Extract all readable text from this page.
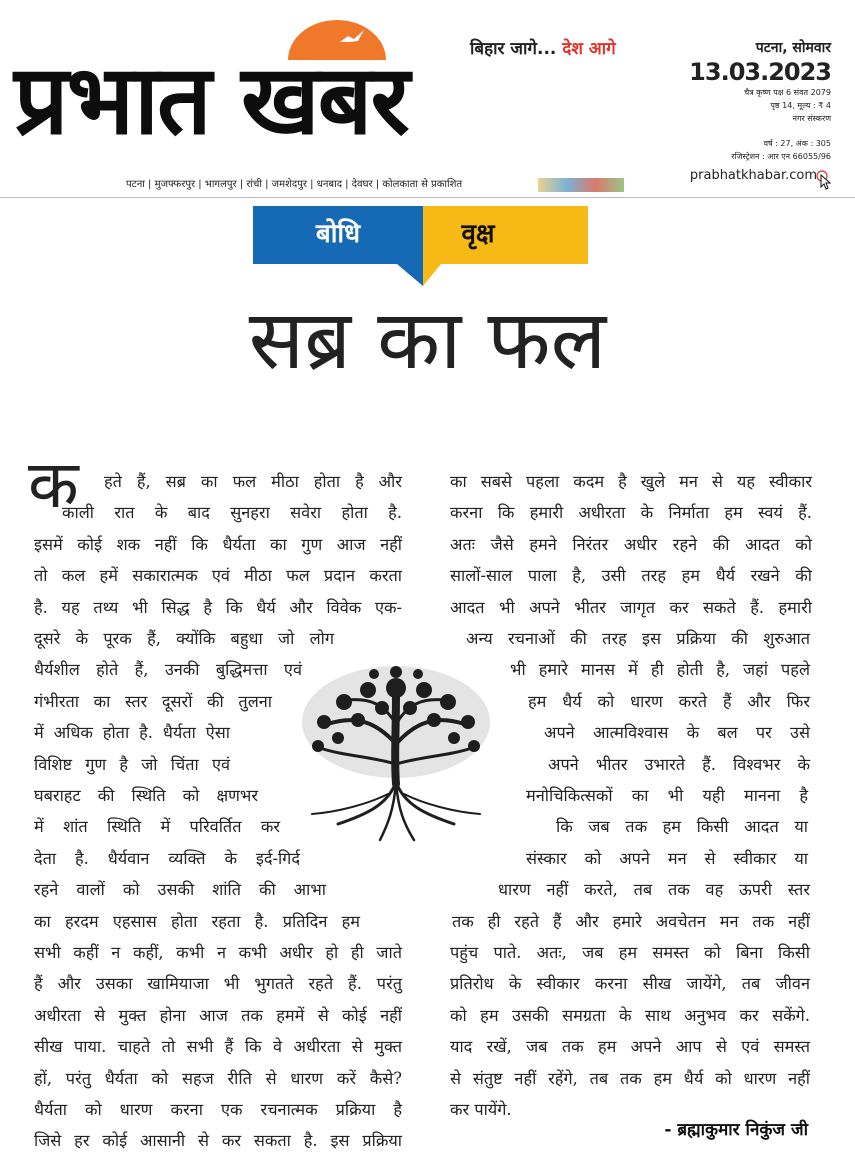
प्रभात खबर	बिहार जागे... देश आगे
पटना | मुजफ्फरपुर | भागलपुर | रांची | जमशेदपुर | धनबाद | देवघर | कोलकाता से प्रकाशित
पटना, सोमवार
13.03.2023
चैत्र कृष्ण पक्ष 6 संवत 2079
पृष्ठ 14, मूल्य : ₹ 4
नगर संस्करण
वर्ष : 27, अंक : 305
रजिस्ट्रेशन : आर एन 66055/96
prabhatkhabar.com
बोधि	वृक्ष
सब्र का फल
क हते हैं, सब्र का फल मीठा होता है और
काली रात के बाद सुनहरा सवेरा होता है.
इसमें कोई शक नहीं कि धैर्यता का गुण आज नहीं
तो कल हमें सकारात्मक एवं मीठा फल प्रदान करता
है. यह तथ्य भी सिद्ध है कि धैर्य और विवेक एक-
दूसरे के पूरक हैं, क्योंकि बहुधा जो लोग
धैर्यशील होते हैं, उनकी बुद्धिमत्ता एवं
गंभीरता का स्तर दूसरों की तुलना
में अधिक होता है. धैर्यता ऐसा
विशिष्ट गुण है जो चिंता एवं
घबराहट की स्थिति को क्षणभर
में शांत स्थिति में परिवर्तित कर
देता है. धैर्यवान व्यक्ति के इर्द-गिर्द
रहने वालों को उसकी शांति की आभा
का हरदम एहसास होता रहता है. प्रतिदिन हम
सभी कहीं न कहीं, कभी न कभी अधीर हो ही जाते
हैं और उसका खामियाजा भी भुगतते रहते हैं. परंतु
अधीरता से मुक्त होना आज तक हममें से कोई नहीं
सीख पाया. चाहते तो सभी हैं कि वे अधीरता से मुक्त
हों, परंतु धैर्यता को सहज रीति से धारण करें कैसे?
धैर्यता को धारण करना एक रचनात्मक प्रक्रिया है
जिसे हर कोई आसानी से कर सकता है. इस प्रक्रिया
का सबसे पहला कदम है खुले मन से यह स्वीकार
करना कि हमारी अधीरता के निर्माता हम स्वयं हैं.
अतः जैसे हमने निरंतर अधीर रहने की आदत को
सालों-साल पाला है, उसी तरह हम धैर्य रखने की
आदत भी अपने भीतर जागृत कर सकते हैं. हमारी
अन्य रचनाओं की तरह इस प्रक्रिया की शुरुआत
भी हमारे मानस में ही होती है, जहां पहले
हम धैर्य को धारण करते हैं और फिर
अपने आत्मविश्वास के बल पर उसे
अपने भीतर उभारते हैं. विश्वभर के
मनोचिकित्सकों का भी यही मानना है
कि जब तक हम किसी आदत या
संस्कार को अपने मन से स्वीकार या
धारण नहीं करते, तब तक वह ऊपरी स्तर
तक ही रहते हैं और हमारे अवचेतन मन तक नहीं
पहुंच पाते. अतः, जब हम समस्त को बिना किसी
प्रतिरोध के स्वीकार करना सीख जायेंगे, तब जीवन
को हम उसकी समग्रता के साथ अनुभव कर सकेंगे.
याद रखें, जब तक हम अपने आप से एवं समस्त
से संतुष्ट नहीं रहेंगे, तब तक हम धैर्य को धारण नहीं
कर पायेंगे.
- ब्रह्माकुमार निकुंज जी
